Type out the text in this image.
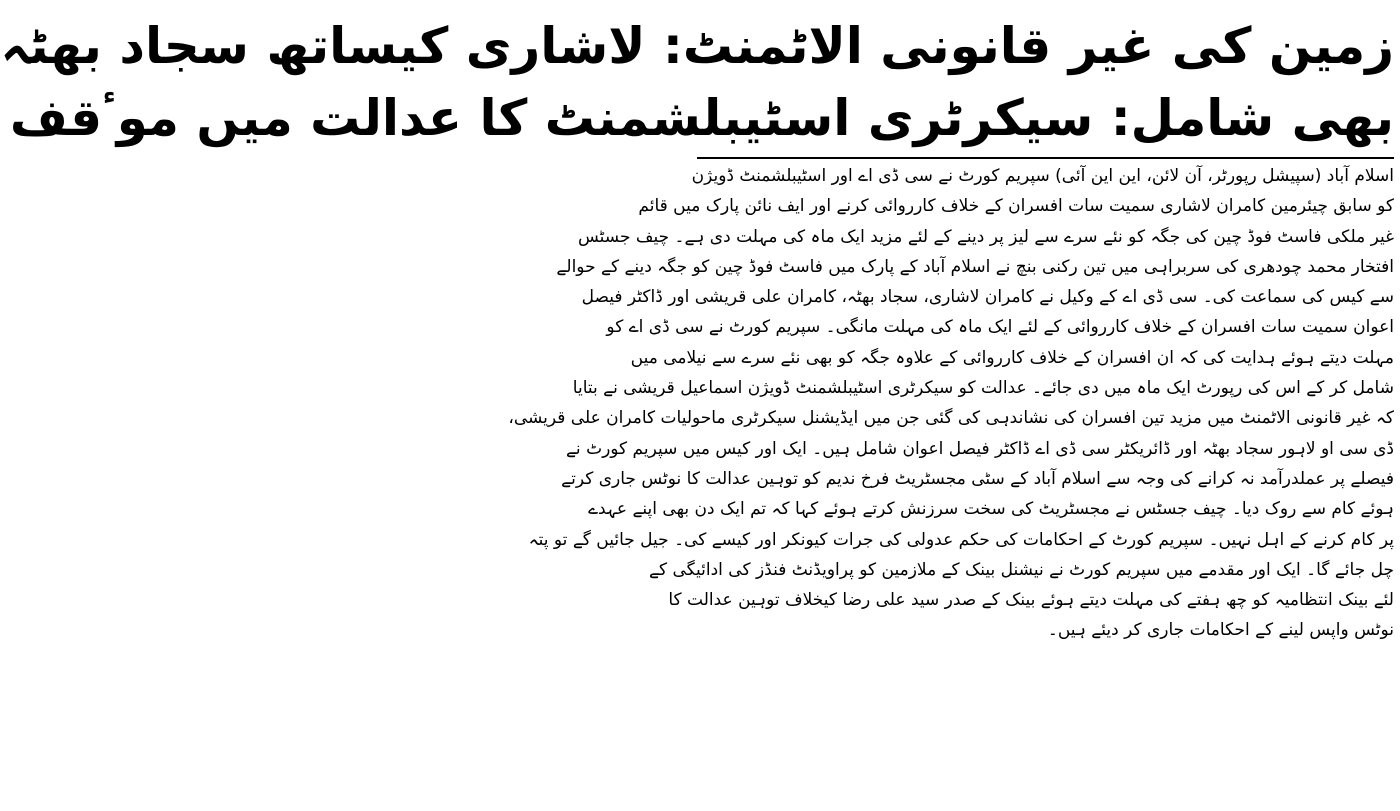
زمین کی غیر قانونی الاٹمنٹ: لاشاری کیساتھ سجاد بھٹہ
بھی شامل: سیکرٹری اسٹیبلشمنٹ کا عدالت میں موٴقف
اسلام آباد (سپیشل رپورٹر، آن لائن، این این آئی) سپریم کورٹ نے سی ڈی اے اور اسٹیبلشمنٹ ڈویژن
کو سابق چیئرمین کامران لاشاری سمیت سات افسران کے خلاف کارروائی کرنے اور ایف نائن پارک میں قائم
غیر ملکی فاسٹ فوڈ چین کی جگہ کو نئے سرے سے لیز پر دینے کے لئے مزید ایک ماہ کی مہلت دی ہے۔ چیف جسٹس
افتخار محمد چودھری کی سربراہی میں تین رکنی بنچ نے اسلام آباد کے پارک میں فاسٹ فوڈ چین کو جگہ دینے کے حوالے
سے کیس کی سماعت کی۔ سی ڈی اے کے وکیل نے کامران لاشاری، سجاد بھٹہ، کامران علی قریشی اور ڈاکٹر فیصل
اعوان سمیت سات افسران کے خلاف کارروائی کے لئے ایک ماہ کی مہلت مانگی۔ سپریم کورٹ نے سی ڈی اے کو
مہلت دیتے ہوئے ہدایت کی کہ ان افسران کے خلاف کارروائی کے علاوہ جگہ کو بھی نئے سرے سے نیلامی میں
شامل کر کے اس کی رپورٹ ایک ماہ میں دی جائے۔ عدالت کو سیکرٹری اسٹیبلشمنٹ ڈویژن اسماعیل قریشی نے بتایا
کہ غیر قانونی الاٹمنٹ میں مزید تین افسران کی نشاندہی کی گئی جن میں ایڈیشنل سیکرٹری ماحولیات کامران علی قریشی،
ڈی سی او لاہور سجاد بھٹہ اور ڈائریکٹر سی ڈی اے ڈاکٹر فیصل اعوان شامل ہیں۔ ایک اور کیس میں سپریم کورٹ نے
فیصلے پر عملدرآمد نہ کرانے کی وجہ سے اسلام آباد کے سٹی مجسٹریٹ فرخ ندیم کو توہین عدالت کا نوٹس جاری کرتے
ہوئے کام سے روک دیا۔ چیف جسٹس نے مجسٹریٹ کی سخت سرزنش کرتے ہوئے کہا کہ تم ایک دن بھی اپنے عہدے
پر کام کرنے کے اہل نہیں۔ سپریم کورٹ کے احکامات کی حکم عدولی کی جرات کیونکر اور کیسے کی۔ جیل جائیں گے تو پتہ
چل جائے گا۔ ایک اور مقدمے میں سپریم کورٹ نے نیشنل بینک کے ملازمین کو پراویڈنٹ فنڈز کی ادائیگی کے
لئے بینک انتظامیہ کو چھ ہفتے کی مہلت دیتے ہوئے بینک کے صدر سید علی رضا کیخلاف توہین عدالت کا
نوٹس واپس لینے کے احکامات جاری کر دیئے ہیں۔
